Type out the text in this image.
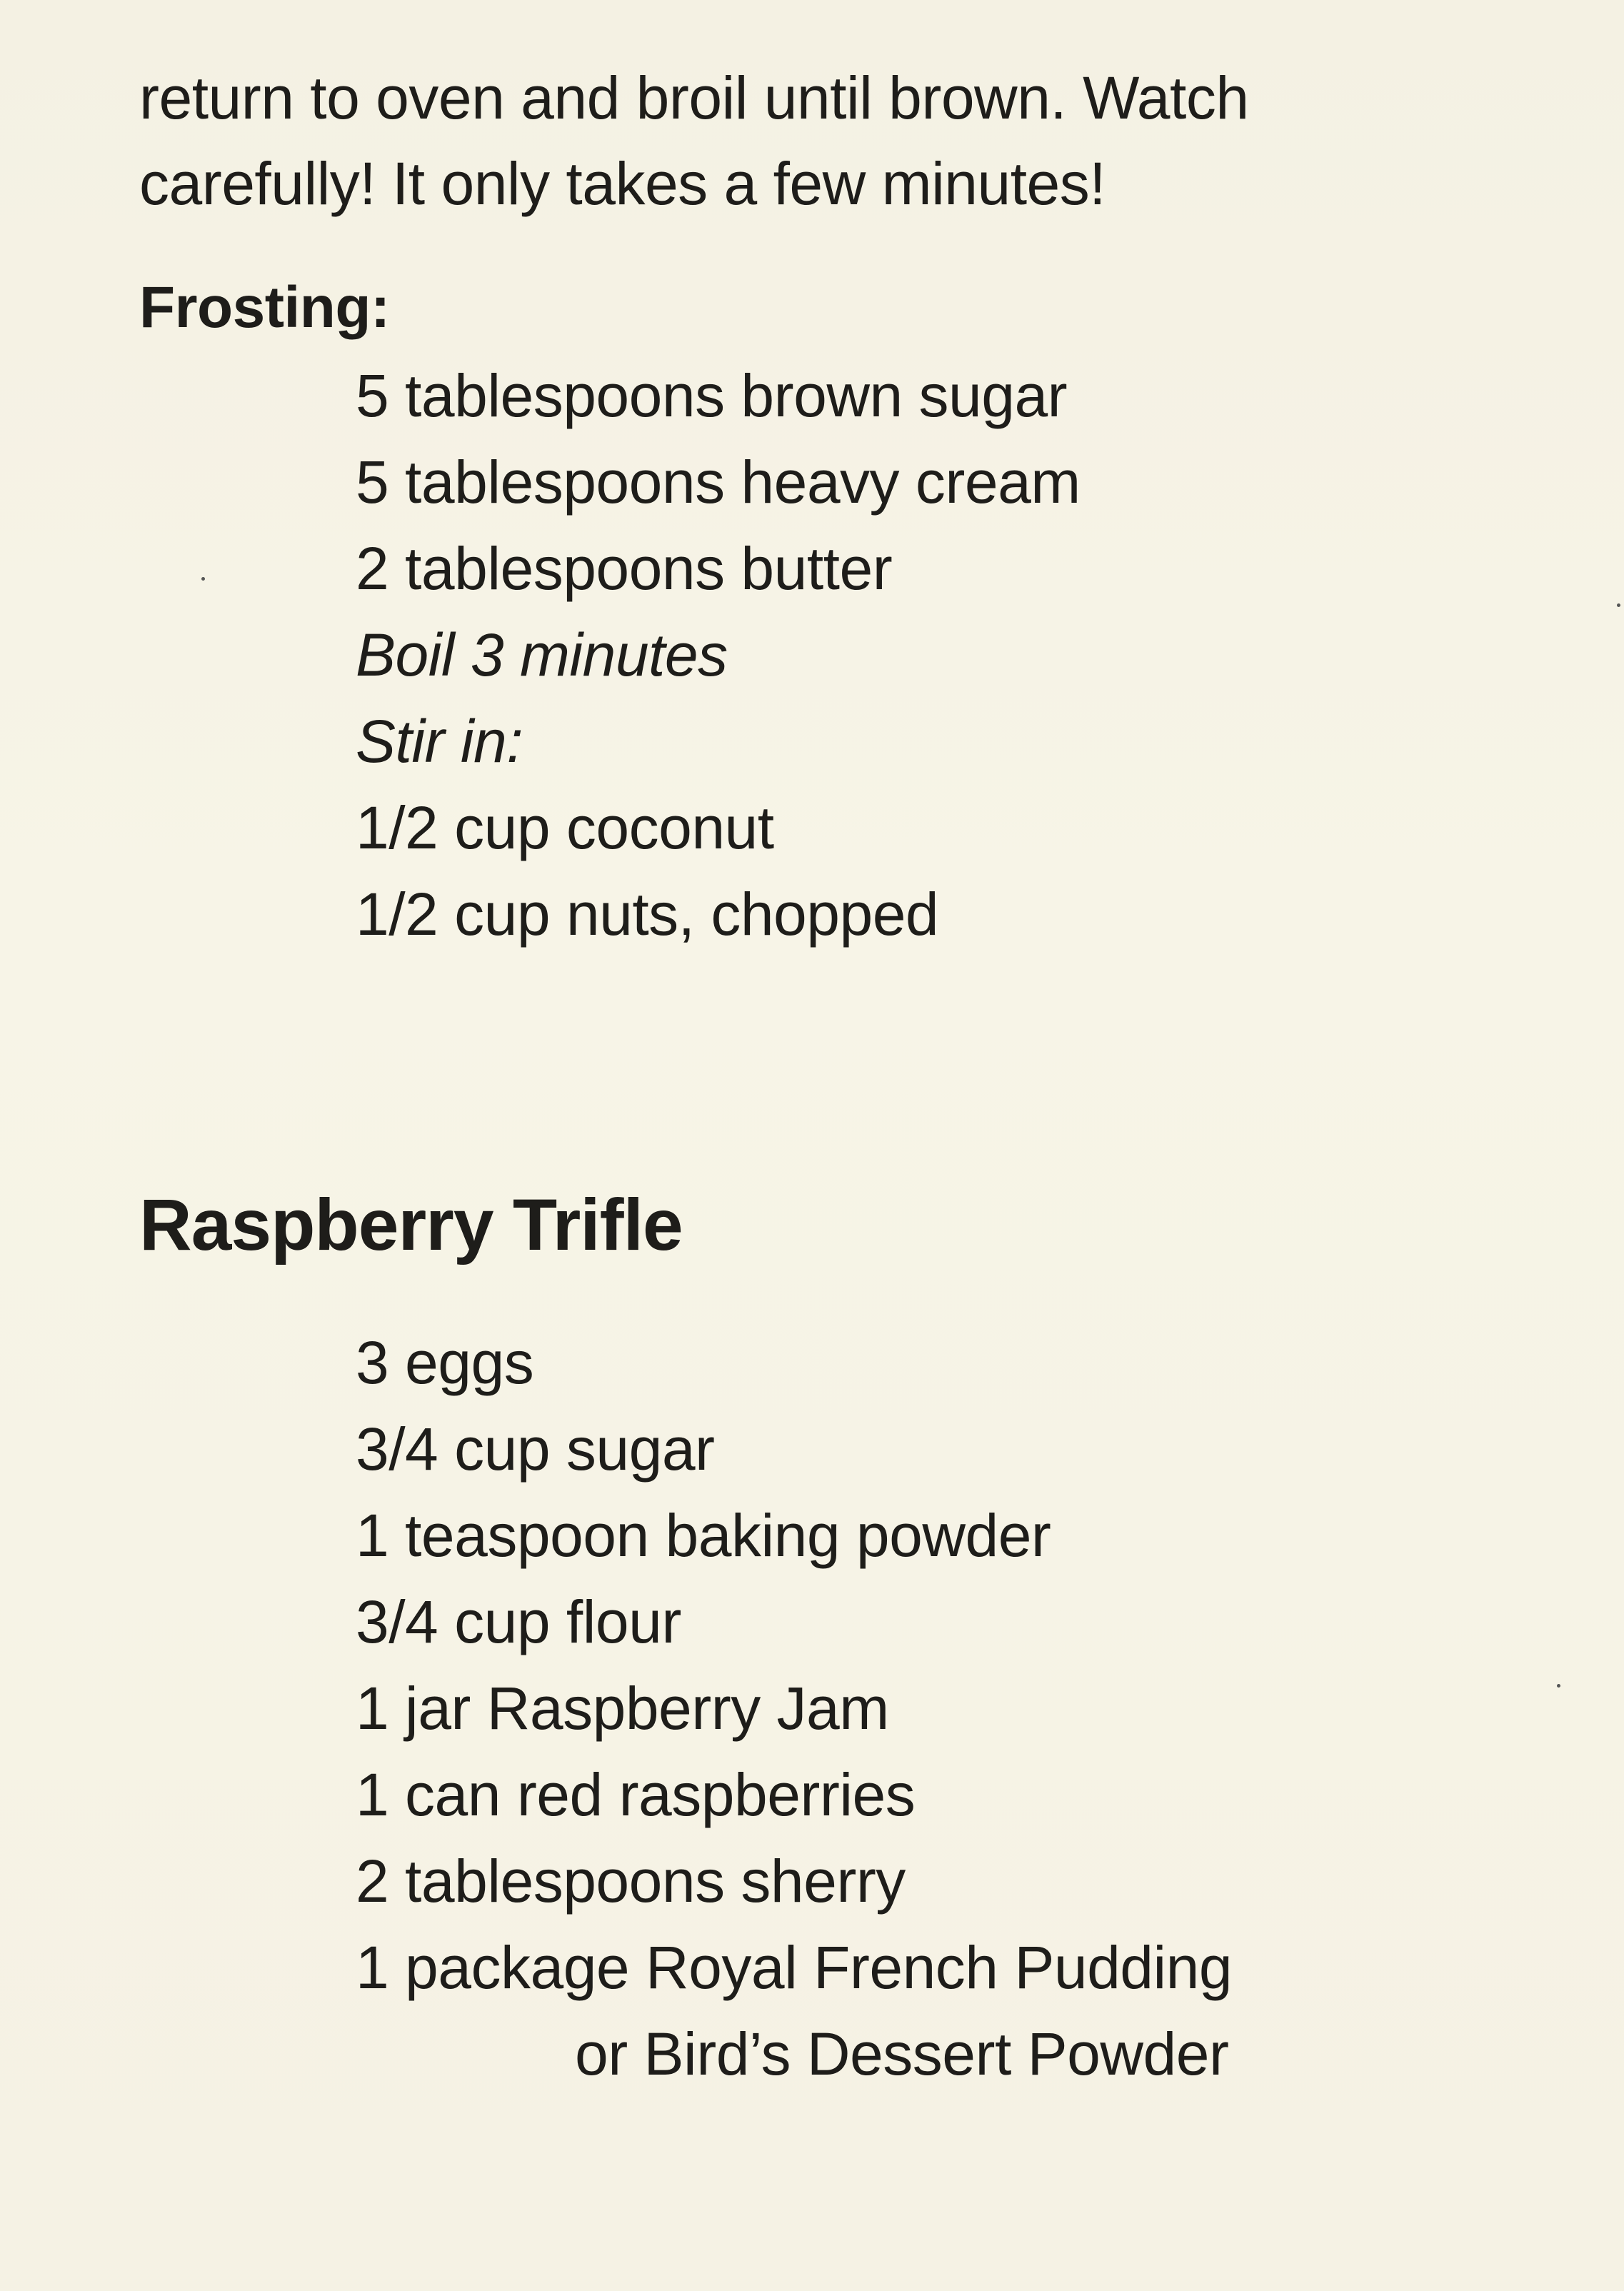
return to oven and broil until brown. Watch
carefully! It only takes a few minutes!
Frosting:
5 tablespoons brown sugar
5 tablespoons heavy cream
2 tablespoons butter
Boil 3 minutes
Stir in:
1/2 cup coconut
1/2 cup nuts, chopped
Raspberry Trifle
3 eggs
3/4 cup sugar
1 teaspoon baking powder
3/4 cup flour
1 jar Raspberry Jam
1 can red raspberries
2 tablespoons sherry
1 package Royal French Pudding
or Bird’s Dessert Powder
